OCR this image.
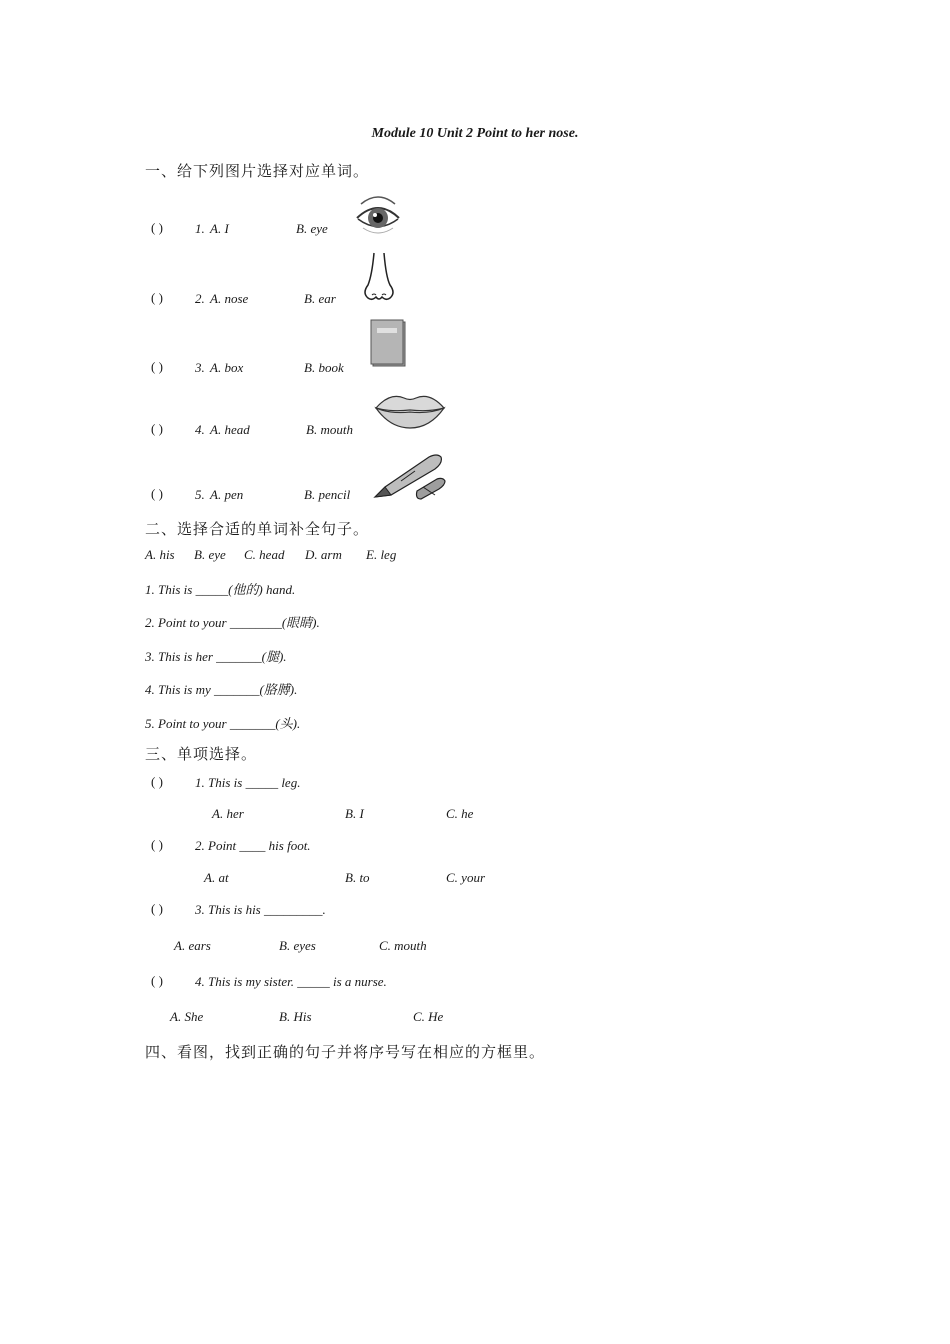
Module 10 Unit 2 Point to her nose.
一、给下列图片选择对应单词。
( ) 1. A. I	B. eye
( ) 2. A. nose	B. ear
( ) 3. A. box	B. book
( ) 4. A. head	B. mouth
( ) 5. A. pen	B. pencil
二、选择合适的单词补全句子。
A. his B. eye C. head D. arm E. leg
1. This is _____(他的) hand.
2. Point to your ________(眼睛).
3. This is her _______(腿).
4. This is my _______(胳膊).
5. Point to your _______(头).
三、单项选择。
( ) 1. This is _____ leg.
A. her	B. I	C. he
( ) 2. Point ____ his foot.
A. at	B. to	C. your
( ) 3. This is his _________.
A. ears	B. eyes	C. mouth
( ) 4. This is my sister. _____ is a nurse.
A. She	B. His	C. He
四、看图，找到正确的句子并将序号写在相应的方框里。
